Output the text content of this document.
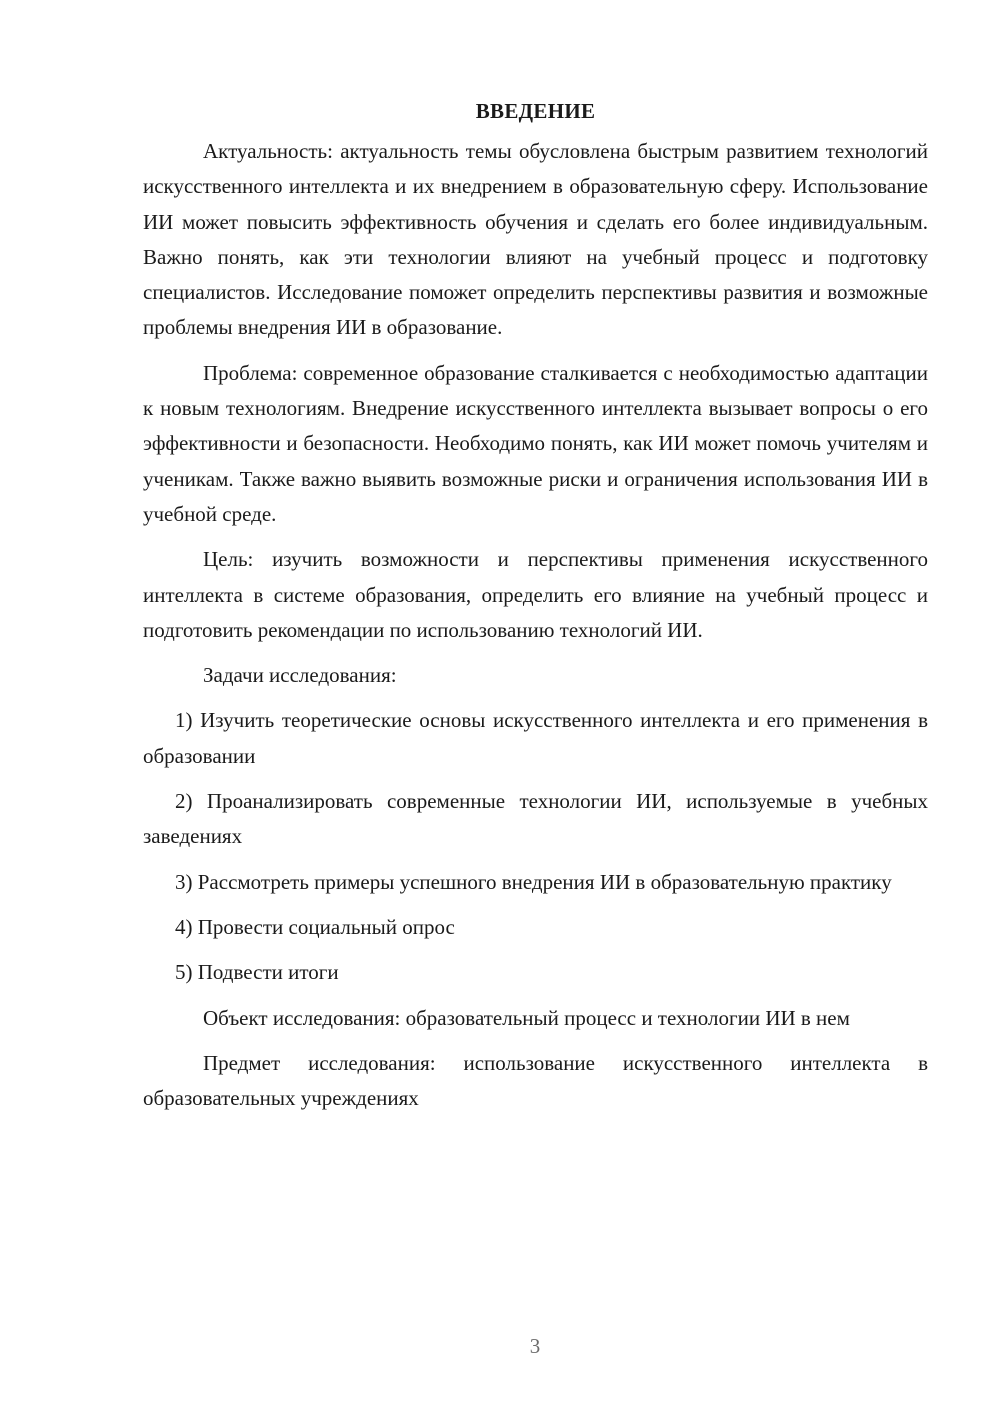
ВВЕДЕНИЕ

Актуальность: актуальность темы обусловлена быстрым развитием технологий искусственного интеллекта и их внедрением в образовательную сферу. Использование ИИ может повысить эффективность обучения и сделать его более индивидуальным. Важно понять, как эти технологии влияют на учебный процесс и подготовку специалистов. Исследование поможет определить перспективы развития и возможные проблемы внедрения ИИ в образование.

Проблема: современное образование сталкивается с необходимостью адаптации к новым технологиям. Внедрение искусственного интеллекта вызывает вопросы о его эффективности и безопасности. Необходимо понять, как ИИ может помочь учителям и ученикам. Также важно выявить возможные риски и ограничения использования ИИ в учебной среде.

Цель: изучить возможности и перспективы применения искусственного интеллекта в системе образования, определить его влияние на учебный процесс и подготовить рекомендации по использованию технологий ИИ.

Задачи исследования:

1) Изучить теоретические основы искусственного интеллекта и его применения в образовании

2) Проанализировать современные технологии ИИ, используемые в учебных заведениях

3) Рассмотреть примеры успешного внедрения ИИ в образовательную практику

4) Провести социальный опрос

5) Подвести итоги

Объект исследования: образовательный процесс и технологии ИИ в нем

Предмет исследования: использование искусственного интеллекта в образовательных учреждениях

3
